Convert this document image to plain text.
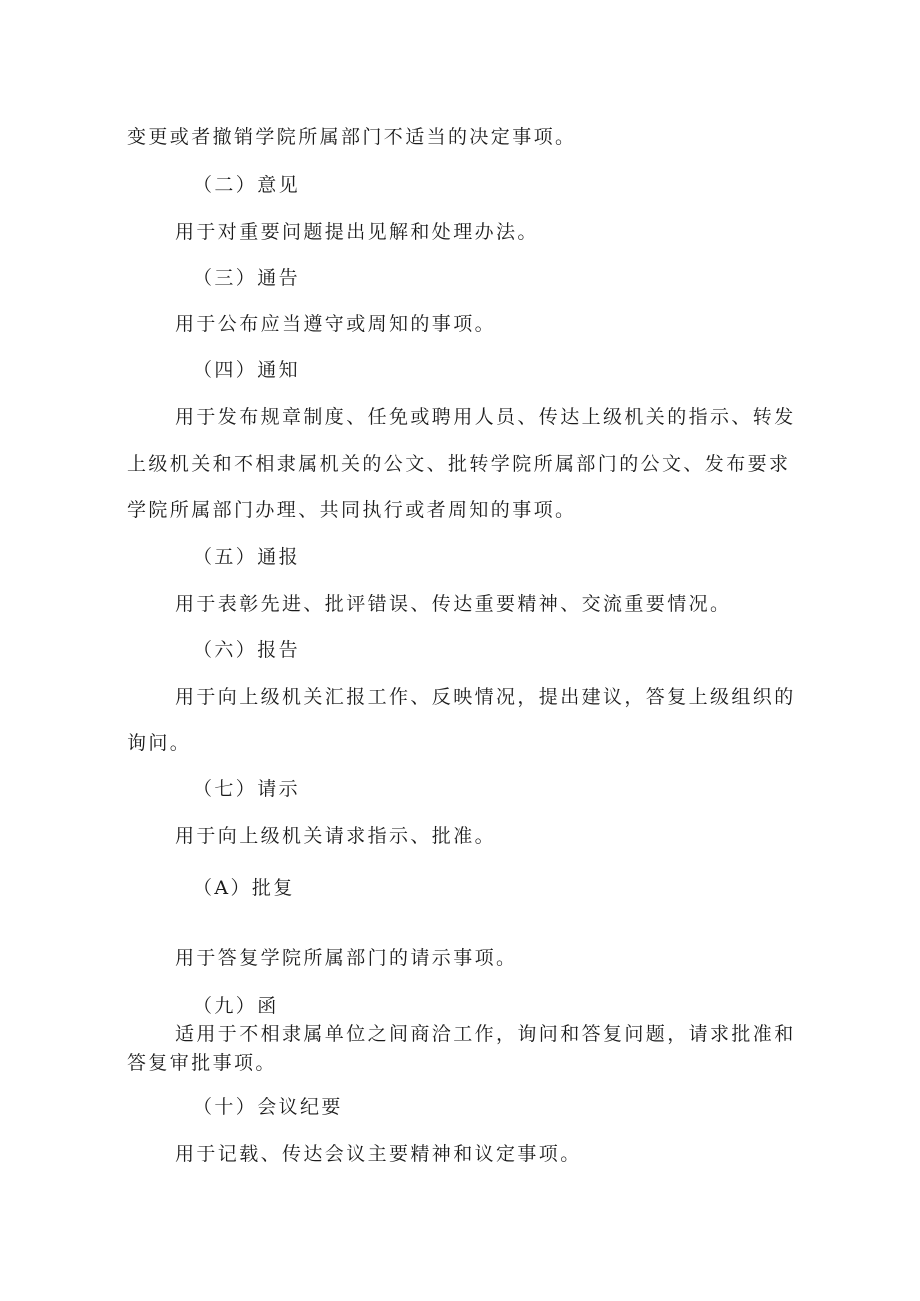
变更或者撤销学院所属部门不适当的决定事项。
（二）意见
用于对重要问题提出见解和处理办法。
（三）通告
用于公布应当遵守或周知的事项。
（四）通知
用于发布规章制度、任免或聘用人员、传达上级机关的指示、转发
上级机关和不相隶属机关的公文、批转学院所属部门的公文、发布要求
学院所属部门办理、共同执行或者周知的事项。
（五）通报
用于表彰先进、批评错误、传达重要精神、交流重要情况。
（六）报告
用于向上级机关汇报工作、反映情况，提出建议，答复上级组织的
询问。
（七）请示
用于向上级机关请求指示、批准。
（A）批复
用于答复学院所属部门的请示事项。
（九）函
适用于不相隶属单位之间商洽工作，询问和答复问题，请求批准和
答复审批事项。
（十）会议纪要
用于记载、传达会议主要精神和议定事项。
